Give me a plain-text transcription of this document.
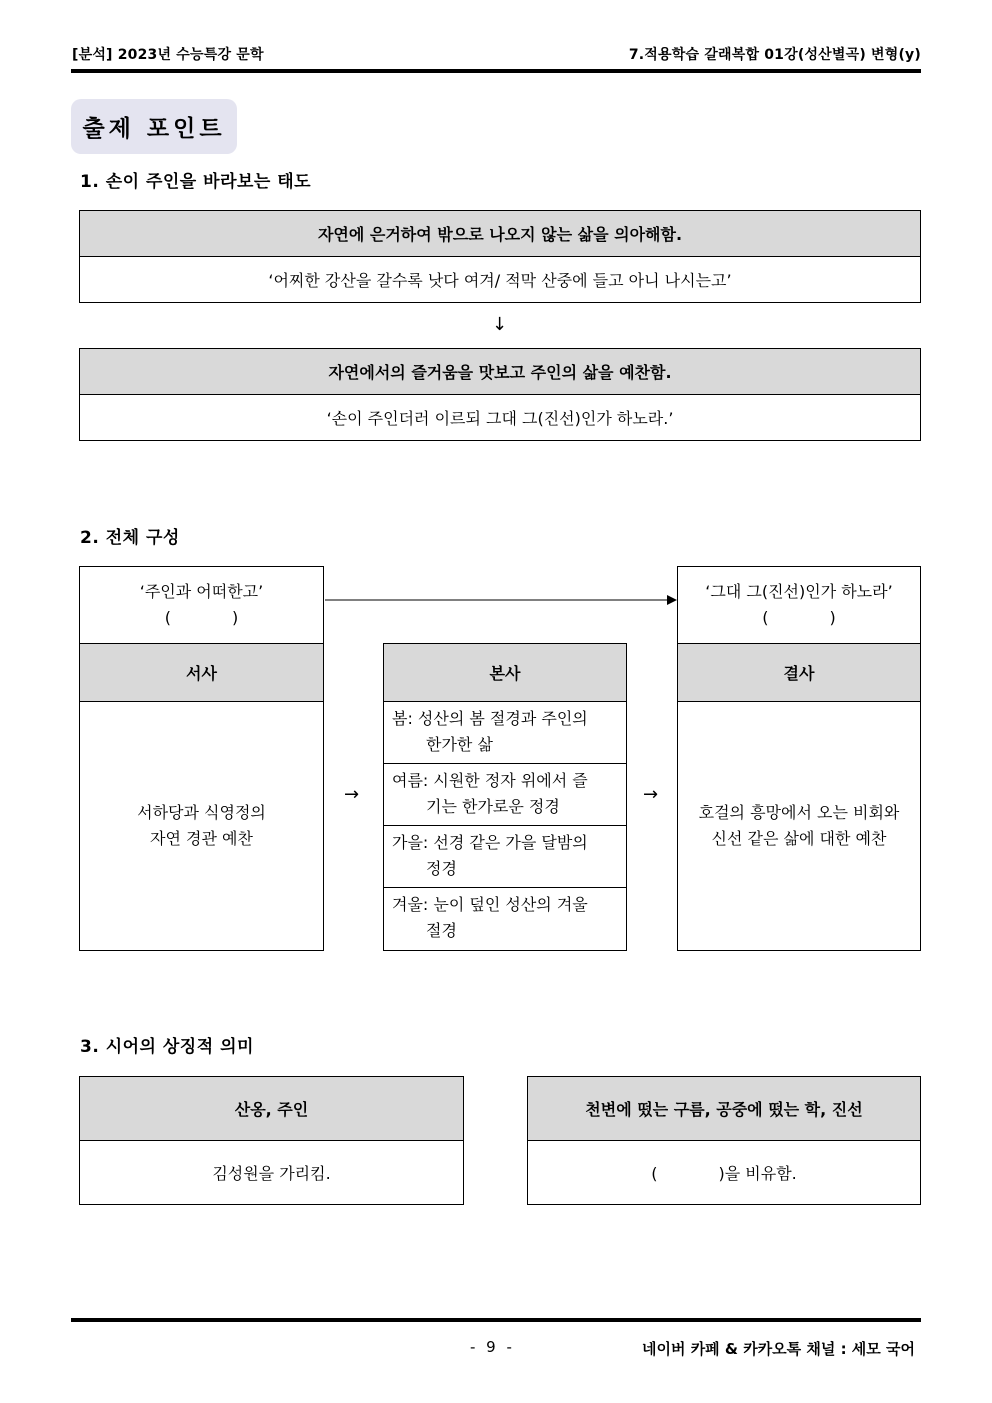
[분석] 2023년 수능특강 문학	7.적용학습 갈래복합 01강(성산별곡) 변형(y)
출제 포인트
1. 손이 주인을 바라보는 태도
자연에 은거하여 밖으로 나오지 않는 삶을 의아해함.
‘어찌한 강산을 갈수록 낫다 여겨/ 적막 산중에 들고 아니 나시는고’
↓
자연에서의 즐거움을 맛보고 주인의 삶을 예찬함.
‘손이 주인더러 이르되 그대 그(진선)인가 하노라.’
2. 전체 구성
‘주인과 어떠한고’
(            )
서사
서하당과 식영정의
자연 경관 예찬
→
본사
봄: 성산의 봄 절경과 주인의
한가한 삶
여름: 시원한 정자 위에서 즐
기는 한가로운 정경
가을: 선경 같은 가을 달밤의
정경
겨울: 눈이 덮인 성산의 겨울
절경
→
‘그대 그(진선)인가 하노라’
(            )
결사
호걸의 흥망에서 오는 비회와
신선 같은 삶에 대한 예찬
3. 시어의 상징적 의미
산옹, 주인
김성원을 가리킴.
천변에 떴는 구름, 공중에 떴는 학, 진선
(            )을 비유함.
- 9 -	네이버 카페 & 카카오톡 채널 : 세모 국어
